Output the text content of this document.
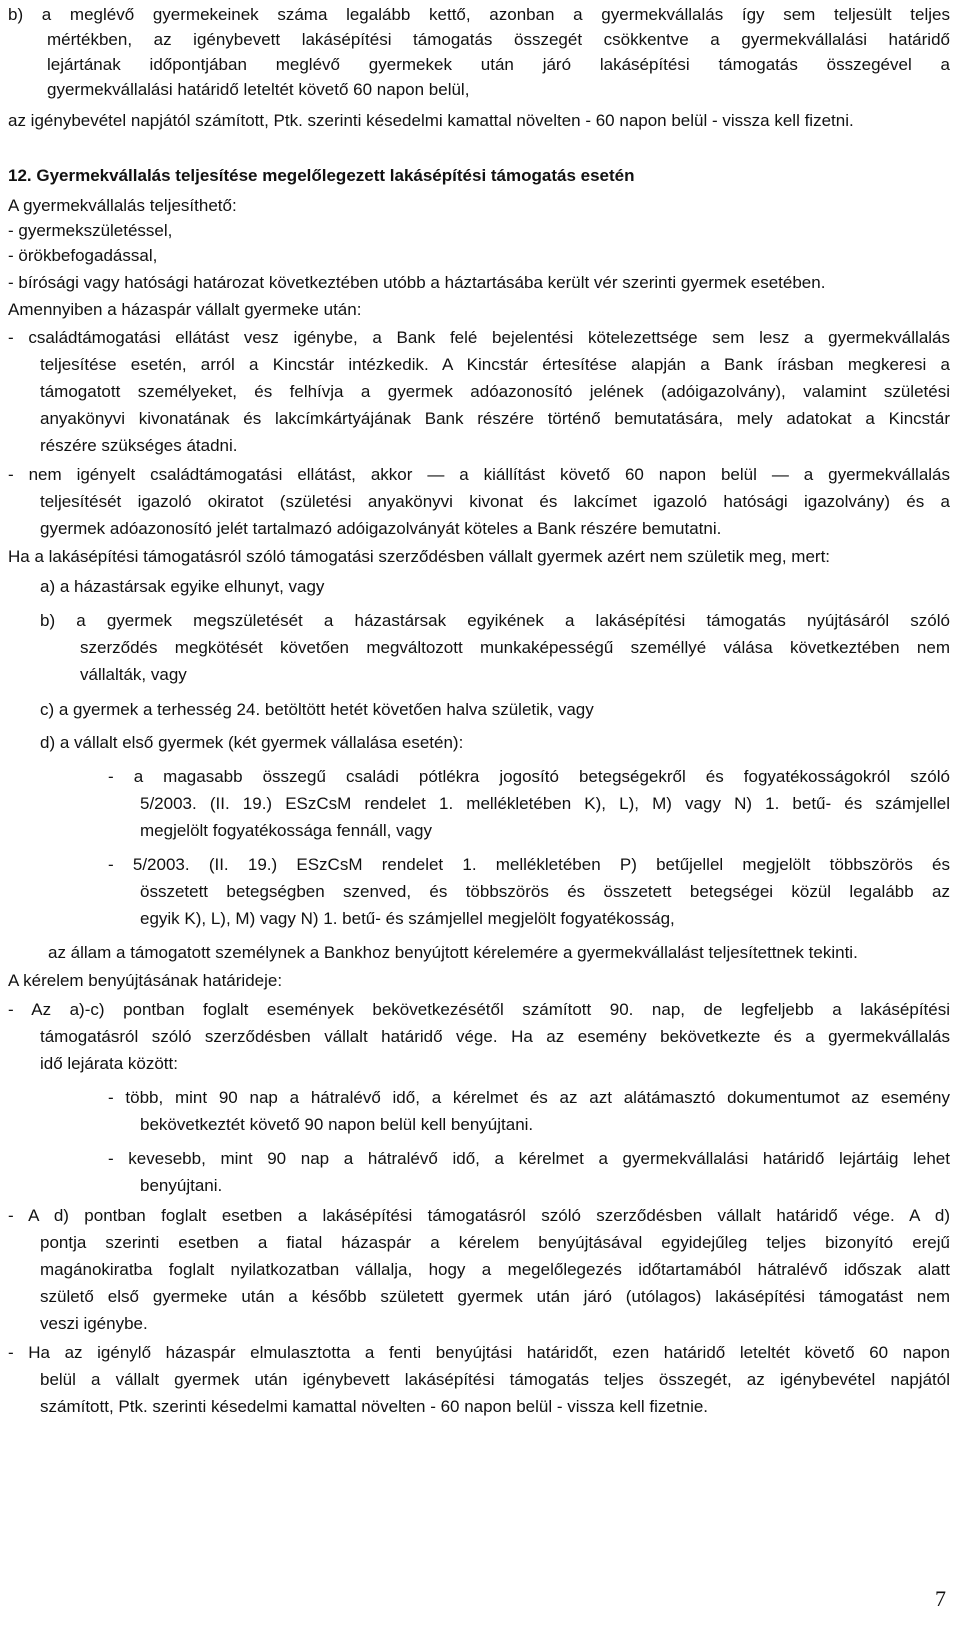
7
b) a meglévő gyermekeinek száma legalább kettő, azonban a gyermekvállalás így sem teljesült teljes
mértékben, az igénybevett lakásépítési támogatás összegét csökkentve a gyermekvállalási határidő
lejártának időpontjában meglévő gyermekek után járó lakásépítési támogatás összegével a
gyermekvállalási határidő leteltét követő 60 napon belül,
az igénybevétel napjától számított, Ptk. szerinti késedelmi kamattal növelten - 60 napon belül - vissza kell fizetni.
12. Gyermekvállalás teljesítése megelőlegezett lakásépítési támogatás esetén
A gyermekvállalás teljesíthető:
- gyermekszületéssel,
- örökbefogadással,
- bírósági vagy hatósági határozat következtében utóbb a háztartásába került vér szerinti gyermek esetében.
Amennyiben a házaspár vállalt gyermeke után:
- családtámogatási ellátást vesz igénybe, a Bank felé bejelentési kötelezettsége sem lesz a gyermekvállalás
teljesítése esetén, arról a Kincstár intézkedik. A Kincstár értesítése alapján a Bank írásban megkeresi a
támogatott személyeket, és felhívja a gyermek adóazonosító jelének (adóigazolvány), valamint születési
anyakönyvi kivonatának és lakcímkártyájának Bank részére történő bemutatására, mely adatokat a Kincstár
részére szükséges átadni.
- nem igényelt családtámogatási ellátást, akkor — a kiállítást követő 60 napon belül — a gyermekvállalás
teljesítését igazoló okiratot (születési anyakönyvi kivonat és lakcímet igazoló hatósági igazolvány) és a
gyermek adóazonosító jelét tartalmazó adóigazolványát köteles a Bank részére bemutatni.
Ha a lakásépítési támogatásról szóló támogatási szerződésben vállalt gyermek azért nem születik meg, mert:
a) a házastársak egyike elhunyt, vagy
b) a gyermek megszületését a házastársak egyikének a lakásépítési támogatás nyújtásáról szóló
szerződés megkötését követően megváltozott munkaképességű személlyé válása következtében nem
vállalták, vagy
c) a gyermek a terhesség 24. betöltött hetét követően halva születik, vagy
d) a vállalt első gyermek (két gyermek vállalása esetén):
- a magasabb összegű családi pótlékra jogosító betegségekről és fogyatékosságokról szóló
5/2003. (II. 19.) ESzCsM rendelet 1. mellékletében K), L), M) vagy N) 1. betű- és számjellel
megjelölt fogyatékossága fennáll, vagy
- 5/2003. (II. 19.) ESzCsM rendelet 1. mellékletében P) betűjellel megjelölt többszörös és
összetett betegségben szenved, és többszörös és összetett betegségei közül legalább az
egyik K), L), M) vagy N) 1. betű- és számjellel megjelölt fogyatékosság,
az állam a támogatott személynek a Bankhoz benyújtott kérelemére a gyermekvállalást teljesítettnek tekinti.
A kérelem benyújtásának határideje:
- Az a)-c) pontban foglalt események bekövetkezésétől számított 90. nap, de legfeljebb a lakásépítési
támogatásról szóló szerződésben vállalt határidő vége. Ha az esemény bekövetkezte és a gyermekvállalás
idő lejárata között:
- több, mint 90 nap a hátralévő idő, a kérelmet és az azt alátámasztó dokumentumot az esemény
bekövetkeztét követő 90 napon belül kell benyújtani.
- kevesebb, mint 90 nap a hátralévő idő, a kérelmet a gyermekvállalási határidő lejártáig lehet
benyújtani.
- A d) pontban foglalt esetben a lakásépítési támogatásról szóló szerződésben vállalt határidő vége. A d)
pontja szerinti esetben a fiatal házaspár a kérelem benyújtásával egyidejűleg teljes bizonyító erejű
magánokiratba foglalt nyilatkozatban vállalja, hogy a megelőlegezés időtartamából hátralévő időszak alatt
születő első gyermeke után a később született gyermek után járó (utólagos) lakásépítési támogatást nem
veszi igénybe.
- Ha az igénylő házaspár elmulasztotta a fenti benyújtási határidőt, ezen határidő leteltét követő 60 napon
belül a vállalt gyermek után igénybevett lakásépítési támogatás teljes összegét, az igénybevétel napjától
számított, Ptk. szerinti késedelmi kamattal növelten - 60 napon belül - vissza kell fizetnie.
